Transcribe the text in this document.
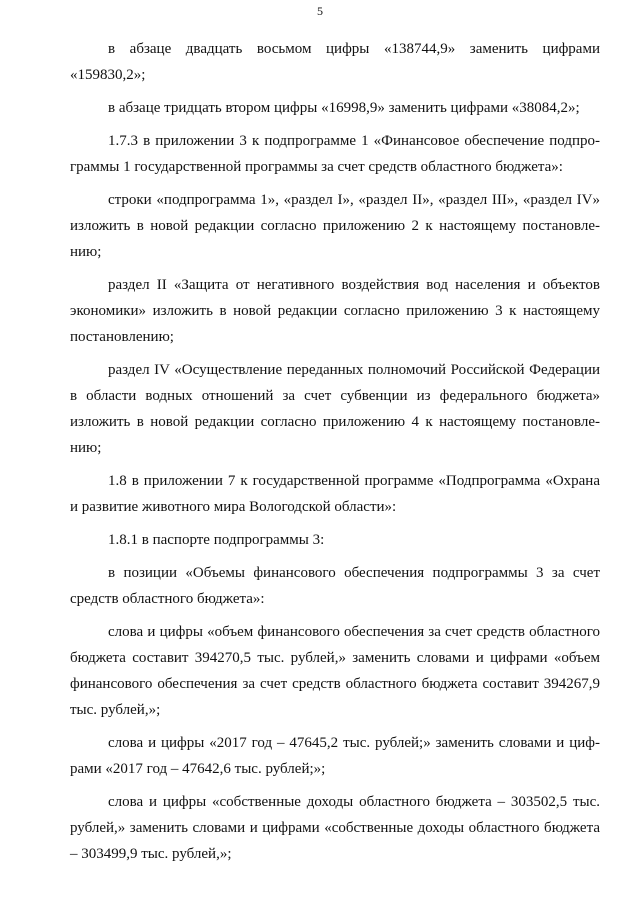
5

в абзаце двадцать восьмом цифры «138744,9» заменить цифрами «159830,2»;

в абзаце тридцать втором цифры «16998,9» заменить цифрами «38084,2»;

1.7.3 в приложении 3 к подпрограмме 1 «Финансовое обеспечение подпрограммы 1 государственной программы за счет средств областного бюджета»:

строки «подпрограмма 1», «раздел I», «раздел II», «раздел III», «раздел IV» изложить в новой редакции согласно приложению 2 к настоящему постановлению;

раздел II «Защита от негативного воздействия вод населения и объектов экономики» изложить в новой редакции согласно приложению 3 к настоящему постановлению;

раздел IV «Осуществление переданных полномочий Российской Федерации в области водных отношений за счет субвенции из федерального бюджета» изложить в новой редакции согласно приложению 4 к настоящему постановлению;

1.8 в приложении 7 к государственной программе «Подпрограмма «Охрана и развитие животного мира Вологодской области»:

1.8.1 в паспорте подпрограммы 3:

в позиции «Объемы финансового обеспечения подпрограммы 3 за счет средств областного бюджета»:

слова и цифры «объем финансового обеспечения за счет средств областного бюджета составит 394270,5 тыс. рублей,» заменить словами и цифрами «объем финансового обеспечения за счет средств областного бюджета составит 394267,9 тыс. рублей,»;

слова и цифры «2017 год – 47645,2 тыс. рублей;» заменить словами и цифрами «2017 год – 47642,6 тыс. рублей;»;

слова и цифры «собственные доходы областного бюджета – 303502,5 тыс. рублей,» заменить словами и цифрами «собственные доходы областного бюджета – 303499,9 тыс. рублей,»;
